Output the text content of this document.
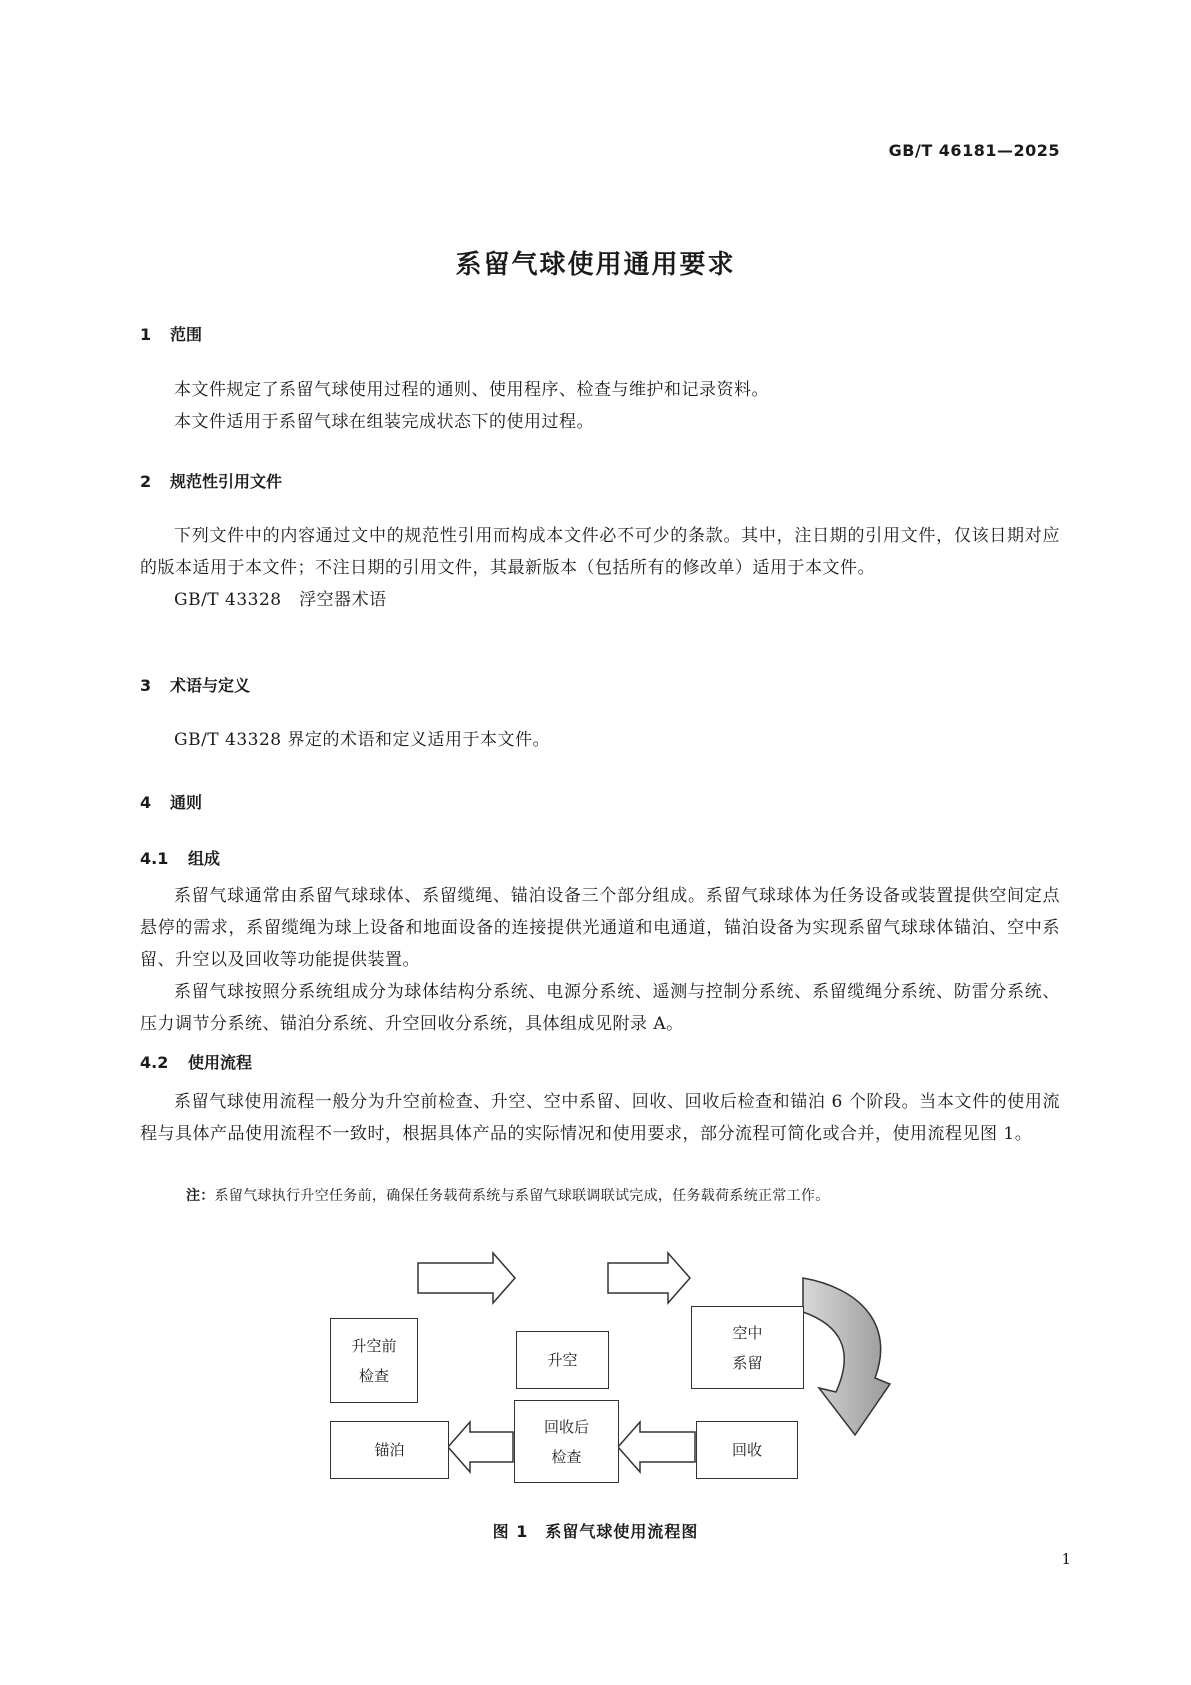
GB/T 46181—2025
系留气球使用通用要求
1 范围

本文件规定了系留气球使用过程的通则、使用程序、检查与维护和记录资料。

本文件适用于系留气球在组装完成状态下的使用过程。

2 规范性引用文件

下列文件中的内容通过文中的规范性引用而构成本文件必不可少的条款。其中，注日期的引用文件，仅该日期对应的版本适用于本文件；不注日期的引用文件，其最新版本（包括所有的修改单）适用于本文件。

GB/T 43328　浮空器术语

3 术语与定义

GB/T 43328 界定的术语和定义适用于本文件。

4 通则
4.1 组成

系留气球通常由系留气球球体、系留缆绳、锚泊设备三个部分组成。系留气球球体为任务设备或装置提供空间定点悬停的需求，系留缆绳为球上设备和地面设备的连接提供光通道和电通道，锚泊设备为实现系留气球球体锚泊、空中系留、升空以及回收等功能提供装置。

系留气球按照分系统组成分为球体结构分系统、电源分系统、遥测与控制分系统、系留缆绳分系统、防雷分系统、压力调节分系统、锚泊分系统、升空回收分系统，具体组成见附录 A。

4.2 使用流程

系留气球使用流程一般分为升空前检查、升空、空中系留、回收、回收后检查和锚泊 6 个阶段。当本文件的使用流程与具体产品使用流程不一致时，根据具体产品的实际情况和使用要求，部分流程可简化或合并，使用流程见图 1。

注：系留气球执行升空任务前，确保任务载荷系统与系留气球联调联试完成，任务载荷系统正常工作。
升空前
检查
升空
空中
系留
回收
回收后
检查
锚泊
图 1　系留气球使用流程图
1
